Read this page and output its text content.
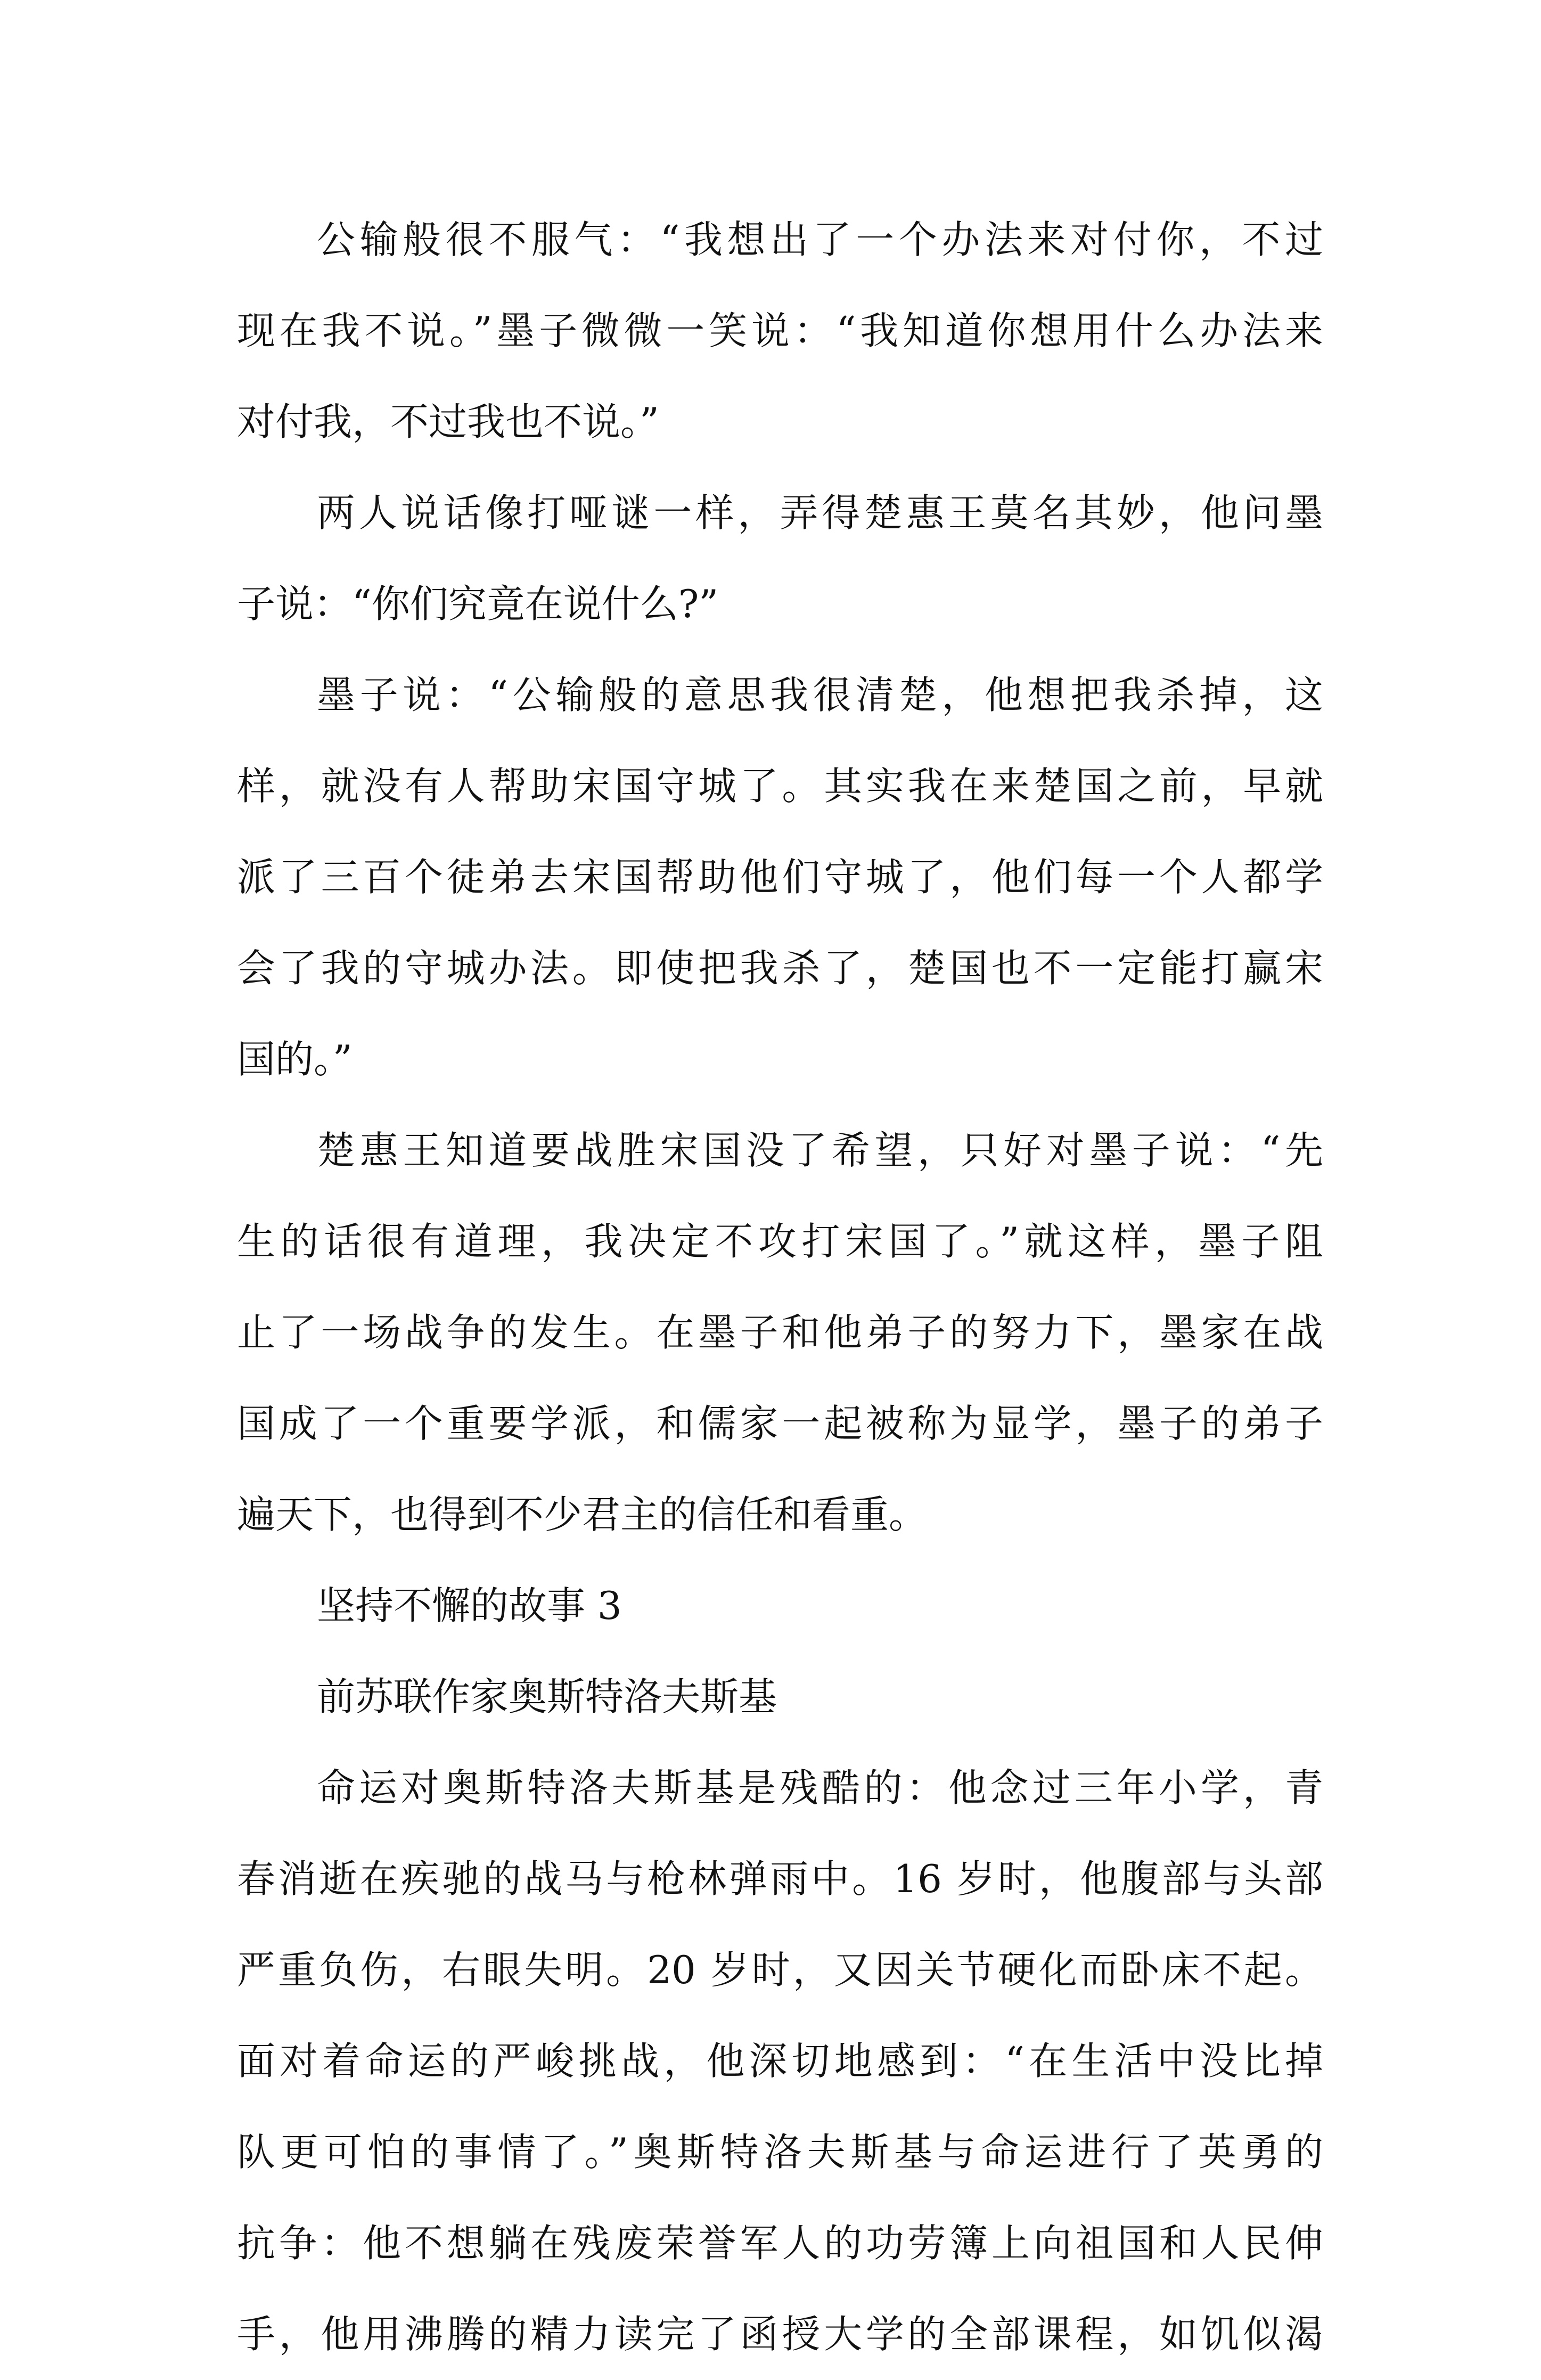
公输般很不服气：“我想出了一个办法来对付你，不过
现在我不说。”墨子微微一笑说：“我知道你想用什么办法来
对付我，不过我也不说。”
两人说话像打哑谜一样，弄得楚惠王莫名其妙，他问墨
子说：“你们究竟在说什么?”
墨子说：“公输般的意思我很清楚，他想把我杀掉，这
样，就没有人帮助宋国守城了。其实我在来楚国之前，早就
派了三百个徒弟去宋国帮助他们守城了，他们每一个人都学
会了我的守城办法。即使把我杀了，楚国也不一定能打赢宋
国的。”
楚惠王知道要战胜宋国没了希望，只好对墨子说：“先
生的话很有道理，我决定不攻打宋国了。”就这样，墨子阻
止了一场战争的发生。在墨子和他弟子的努力下，墨家在战
国成了一个重要学派，和儒家一起被称为显学，墨子的弟子
遍天下，也得到不少君主的信任和看重。
坚持不懈的故事 3
前苏联作家奥斯特洛夫斯基
命运对奥斯特洛夫斯基是残酷的：他念过三年小学，青
春消逝在疾驰的战马与枪林弹雨中。16 岁时，他腹部与头部
严重负伤，右眼失明。20 岁时，又因关节硬化而卧床不起。
面对着命运的严峻挑战，他深切地感到：“在生活中没比掉
队更可怕的事情了。”奥斯特洛夫斯基与命运进行了英勇的
抗争：他不想躺在残废荣誉军人的功劳簿上向祖国和人民伸
手，他用沸腾的精力读完了函授大学的全部课程，如饥似渴
